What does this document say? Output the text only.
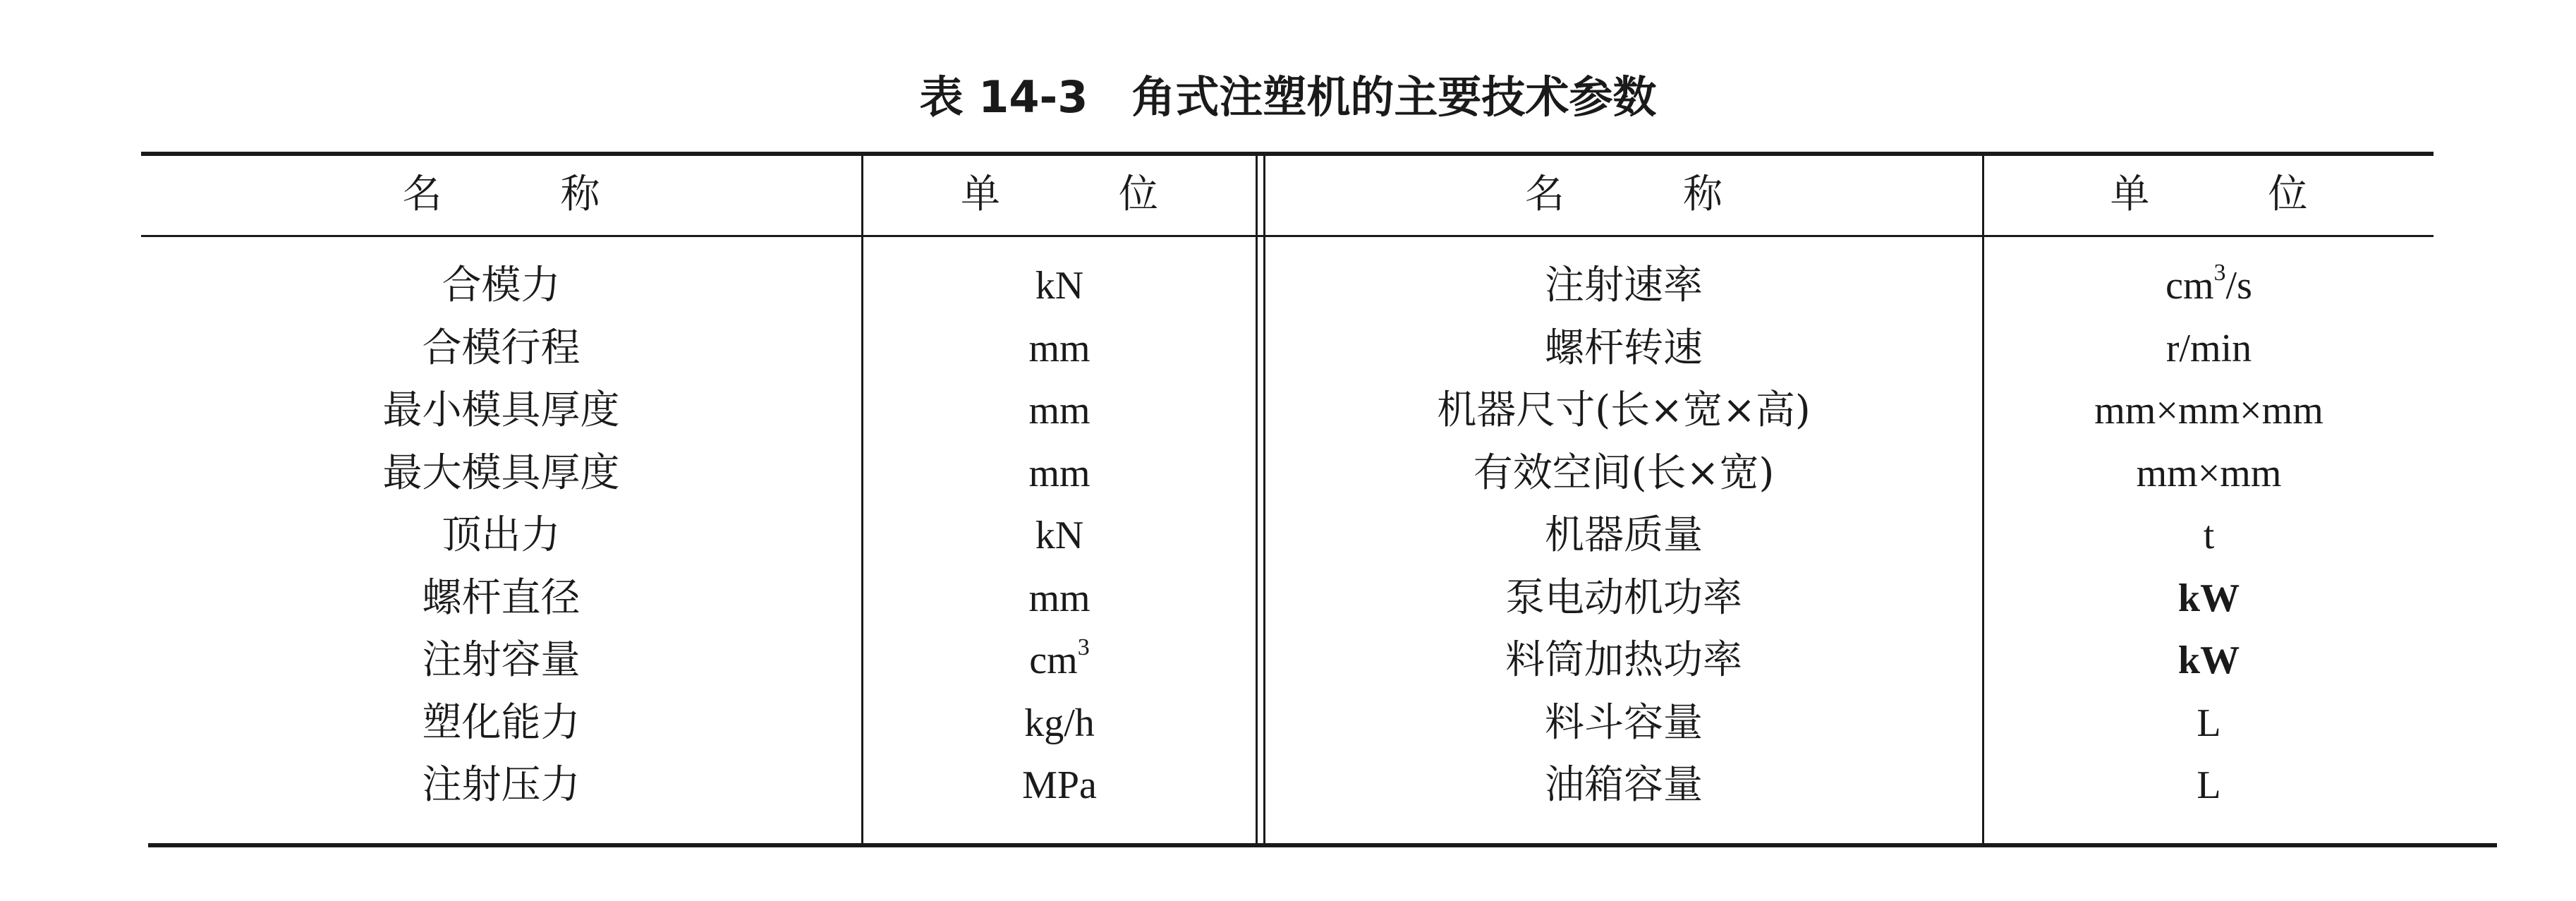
表 14-3　角式注塑机的主要技术参数
名　　　称	单　　　位	名　　　称	单　　　位
合模力	kN	注射速率	$cm^3/s$
合模行程	mm	螺杆转速	r/min
最小模具厚度	mm	机器尺寸(长×宽×高)	mm×mm×mm
最大模具厚度	mm	有效空间(长×宽)	mm×mm
顶出力	kN	机器质量	t
螺杆直径	mm	泵电动机功率	kW
注射容量	$cm^3$	料筒加热功率	kW
塑化能力	kg/h	料斗容量	L
注射压力	MPa	油箱容量	L
